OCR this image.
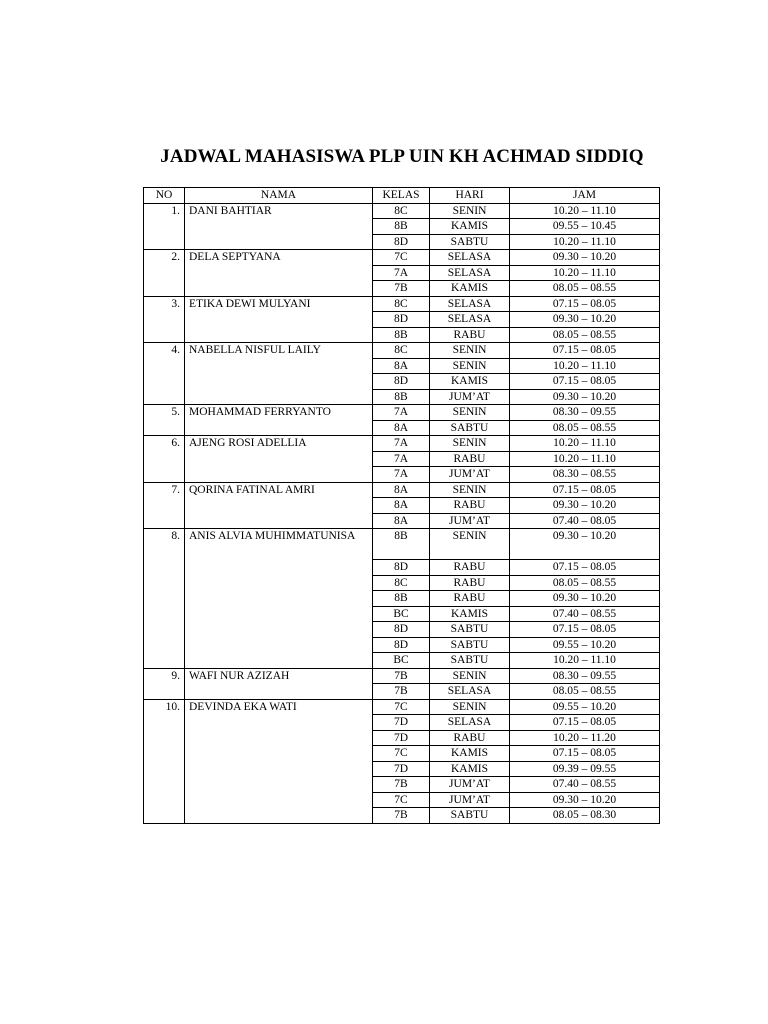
JADWAL MAHASISWA PLP UIN KH ACHMAD SIDDIQ
NO	NAMA	KELAS	HARI	JAM
1.	DANI BAHTIAR	8C	SENIN	10.20 – 11.10
		8B	KAMIS	09.55 – 10.45
		8D	SABTU	10.20 – 11.10
2.	DELA SEPTYANA	7C	SELASA	09.30 – 10.20
		7A	SELASA	10.20 – 11.10
		7B	KAMIS	08.05 – 08.55
3.	ETIKA DEWI MULYANI	8C	SELASA	07.15 – 08.05
		8D	SELASA	09.30 – 10.20
		8B	RABU	08.05 – 08.55
4.	NABELLA NISFUL LAILY	8C	SENIN	07.15 – 08.05
		8A	SENIN	10.20 – 11.10
		8D	KAMIS	07.15 – 08.05
		8B	JUM’AT	09.30 – 10.20
5.	MOHAMMAD FERRYANTO	7A	SENIN	08.30 – 09.55
		8A	SABTU	08.05 – 08.55
6.	AJENG ROSI ADELLIA	7A	SENIN	10.20 – 11.10
		7A	RABU	10.20 – 11.10
		7A	JUM’AT	08.30 – 08.55
7.	QORINA FATINAL AMRI	8A	SENIN	07.15 – 08.05
		8A	RABU	09.30 – 10.20
		8A	JUM’AT	07.40 – 08.05
8.	ANIS ALVIA MUHIMMATUNISA	8B	SENIN	09.30 – 10.20
		8D	RABU	07.15 – 08.05
		8C	RABU	08.05 – 08.55
		8B	RABU	09.30 – 10.20
		BC	KAMIS	07.40 – 08.55
		8D	SABTU	07.15 – 08.05
		8D	SABTU	09.55 – 10.20
		BC	SABTU	10.20 – 11.10
9.	WAFI NUR AZIZAH	7B	SENIN	08.30 – 09.55
		7B	SELASA	08.05 – 08.55
10.	DEVINDA EKA WATI	7C	SENIN	09.55 – 10.20
		7D	SELASA	07.15 – 08.05
		7D	RABU	10.20 – 11.20
		7C	KAMIS	07.15 – 08.05
		7D	KAMIS	09.39 – 09.55
		7B	JUM’AT	07.40 – 08.55
		7C	JUM’AT	09.30 – 10.20
		7B	SABTU	08.05 – 08.30
